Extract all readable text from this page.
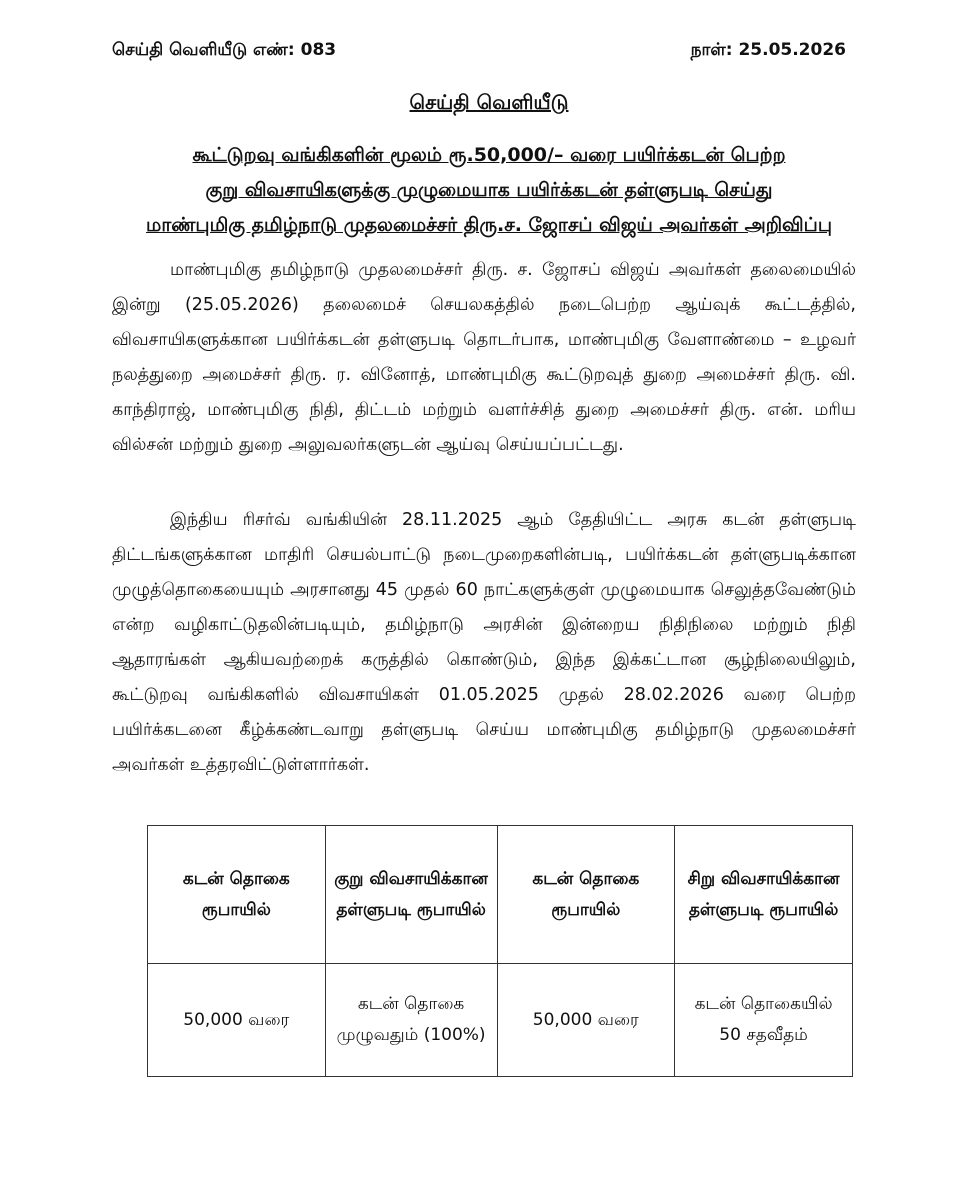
செய்தி வெளியீடு எண்: 083	நாள்: 25.05.2026
செய்தி வெளியீடு
கூட்டுறவு வங்கிகளின் மூலம் ரூ.50,000/– வரை பயிர்க்கடன் பெற்ற
குறு விவசாயிகளுக்கு முழுமையாக பயிர்க்கடன் தள்ளுபடி செய்து
மாண்புமிகு தமிழ்நாடு முதலமைச்சர் திரு.ச. ஜோசப் விஜய் அவர்கள் அறிவிப்பு

மாண்புமிகு தமிழ்நாடு முதலமைச்சர் திரு. ச. ஜோசப் விஜய் அவர்கள் தலைமையில் இன்று (25.05.2026) தலைமைச் செயலகத்தில் நடைபெற்ற ஆய்வுக் கூட்டத்தில், விவசாயிகளுக்கான பயிர்க்கடன் தள்ளுபடி தொடர்பாக, மாண்புமிகு வேளாண்மை – உழவர் நலத்துறை அமைச்சர் திரு. ர. வினோத், மாண்புமிகு கூட்டுறவுத் துறை அமைச்சர் திரு. வி. காந்திராஜ், மாண்புமிகு நிதி, திட்டம் மற்றும் வளர்ச்சித் துறை அமைச்சர் திரு. என். மரிய வில்சன் மற்றும் துறை அலுவலர்களுடன் ஆய்வு செய்யப்பட்டது.

இந்திய ரிசர்வ் வங்கியின் 28.11.2025 ஆம் தேதியிட்ட அரசு கடன் தள்ளுபடி திட்டங்களுக்கான மாதிரி செயல்பாட்டு நடைமுறைகளின்படி, பயிர்க்கடன் தள்ளுபடிக்கான முழுத்தொகையையும் அரசானது 45 முதல் 60 நாட்களுக்குள் முழுமையாக செலுத்தவேண்டும் என்ற வழிகாட்டுதலின்படியும், தமிழ்நாடு அரசின் இன்றைய நிதிநிலை மற்றும் நிதி ஆதாரங்கள் ஆகியவற்றைக் கருத்தில் கொண்டும், இந்த இக்கட்டான சூழ்நிலையிலும், கூட்டுறவு வங்கிகளில் விவசாயிகள் 01.05.2025 முதல் 28.02.2026 வரை பெற்ற பயிர்க்கடனை கீழ்க்கண்டவாறு தள்ளுபடி செய்ய மாண்புமிகு தமிழ்நாடு முதலமைச்சர் அவர்கள் உத்தரவிட்டுள்ளார்கள்.

கடன் தொகை ரூபாயில்	குறு விவசாயிக்கான தள்ளுபடி ரூபாயில்	கடன் தொகை ரூபாயில்	சிறு விவசாயிக்கான தள்ளுபடி ரூபாயில்
50,000 வரை	கடன் தொகை முழுவதும் (100%)	50,000 வரை	கடன் தொகையில் 50 சதவீதம்
